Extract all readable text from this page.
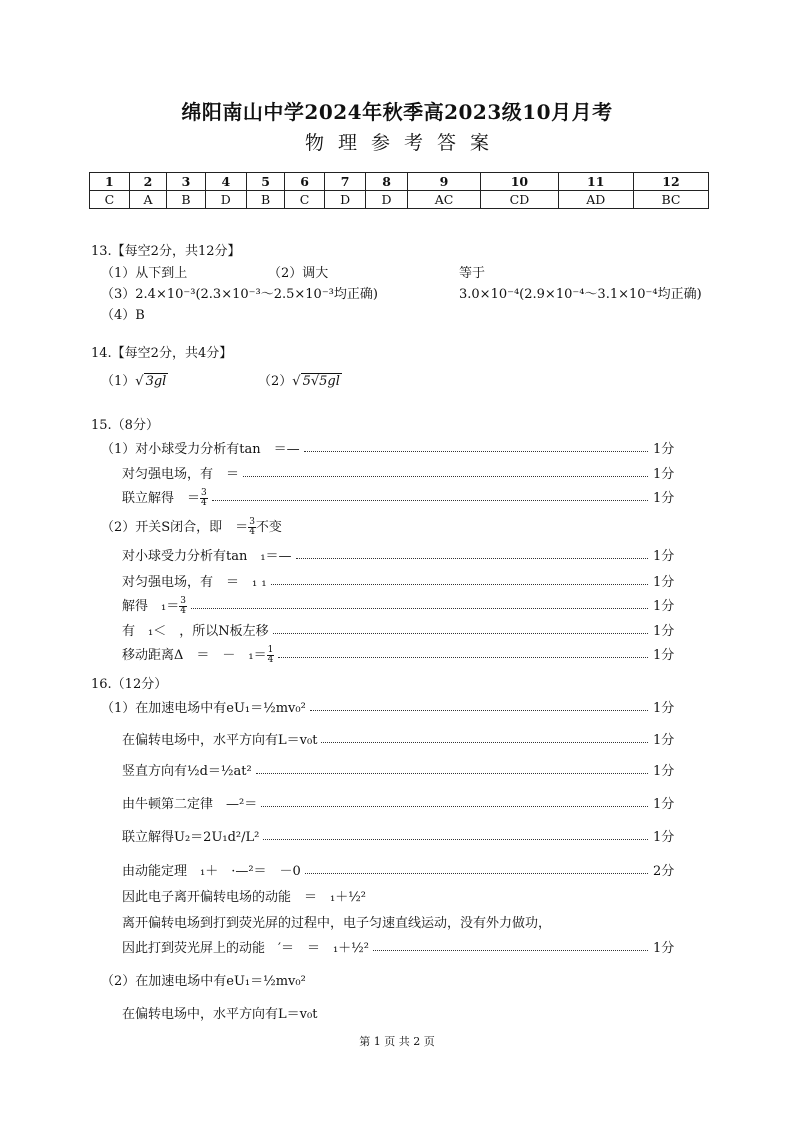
绵阳南山中学2024年秋季高2023级10月月考
物理参考答案
1	2	3	4	5	6	7	8	9	10	11	12
C	A	B	D	B	C	D	D	AC	CD	AD	BC
13.【每空2分，共12分】
（1）从下到上	（2）调大	等于
（3）2.4×10⁻³(2.3×10⁻³～2.5×10⁻³均正确)	3.0×10⁻⁴(2.9×10⁻⁴～3.1×10⁻⁴均正确)
（4）B
14.【每空2分，共4分】
（1）√ 3gl	（2）√ 5√5gl
15.（8分）
（1）对小球受力分析有tan　＝—	1分
对匀强电场，有　＝	1分
联立解得　＝ $\frac{3}{4}$	1分
（2）开关S闭合，即　＝ $\frac{3}{4}$ 不变
对小球受力分析有tan　₁＝—	1分
对匀强电场，有　＝　₁ ₁	1分
解得　$_1= \frac{3}{4}$	1分
有　₁＜　，所以N板左移	1分
移动距离Δ　＝　－　$_1= \frac{1}{4}$	1分
16.（12分）
（1）在加速电场中有eU₁＝½mv₀²	1分
在偏转电场中，水平方向有L＝v₀t	1分
竖直方向有½d＝½at²	1分
由牛顿第二定律　—²＝	1分
联立解得U₂＝2U₁d²/L²	1分
由动能定理　₁＋　·—²＝　－0	2分
因此电子离开偏转电场的动能　＝　₁＋½²
离开偏转电场到打到荧光屏的过程中，电子匀速直线运动，没有外力做功，
因此打到荧光屏上的动能　′＝　＝　₁＋½²	1分
（2）在加速电场中有eU₁＝½mv₀²
在偏转电场中，水平方向有L＝v₀t
第 1 页 共 2 页
